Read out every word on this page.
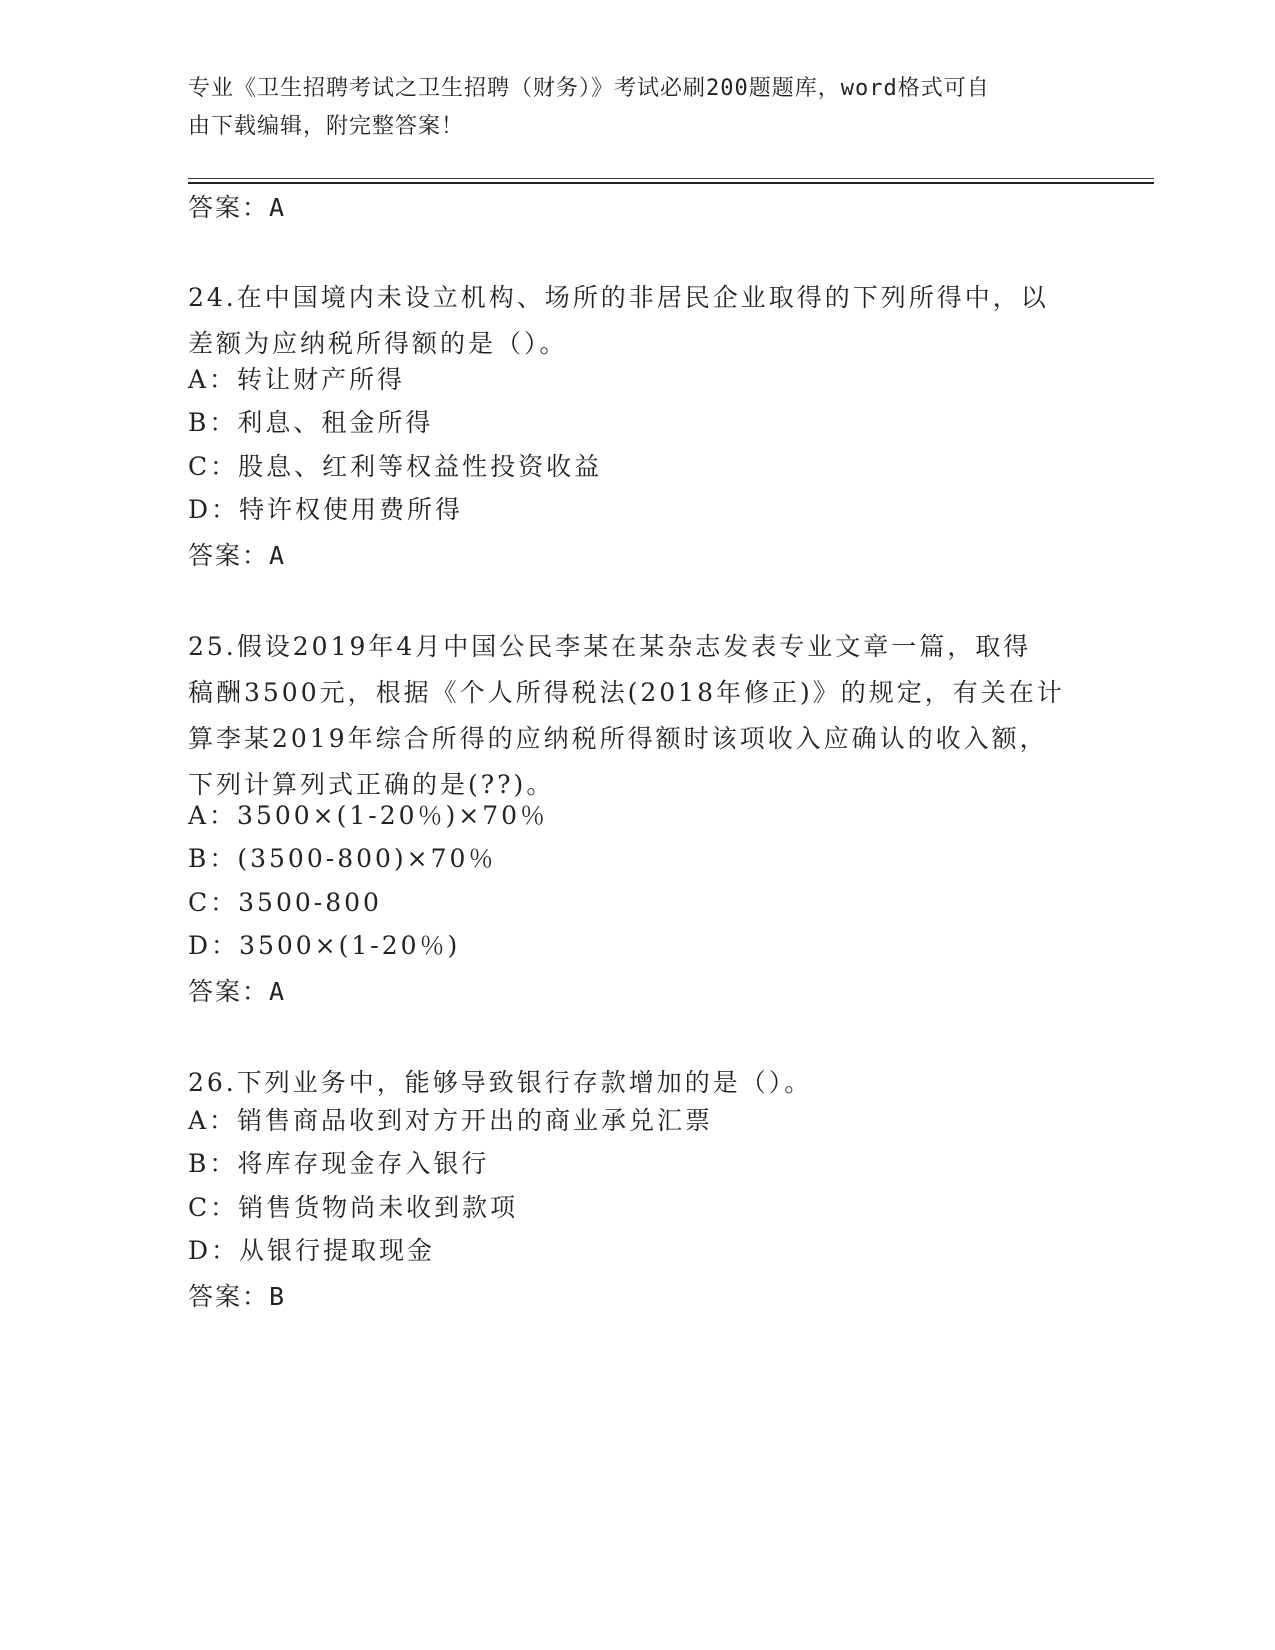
专业《卫生招聘考试之卫生招聘（财务）》考试必刷200题题库，word格式可自
由下载编辑，附完整答案！
答案：A
24.在中国境内未设立机构、场所的非居民企业取得的下列所得中，以
差额为应纳税所得额的是（）。
A：转让财产所得
B：利息、租金所得
C：股息、红利等权益性投资收益
D：特许权使用费所得
答案：A
25.假设2019年4月中国公民李某在某杂志发表专业文章一篇，取得
稿酬3500元，根据《个人所得税法(2018年修正)》的规定，有关在计
算李某2019年综合所得的应纳税所得额时该项收入应确认的收入额，
下列计算列式正确的是(??)。
A：3500×(1-20％)×70％
B：(3500-800)×70％
C：3500-800
D：3500×(1-20％)
答案：A
26.下列业务中，能够导致银行存款增加的是（）。
A：销售商品收到对方开出的商业承兑汇票
B：将库存现金存入银行
C：销售货物尚未收到款项
D：从银行提取现金
答案：B
